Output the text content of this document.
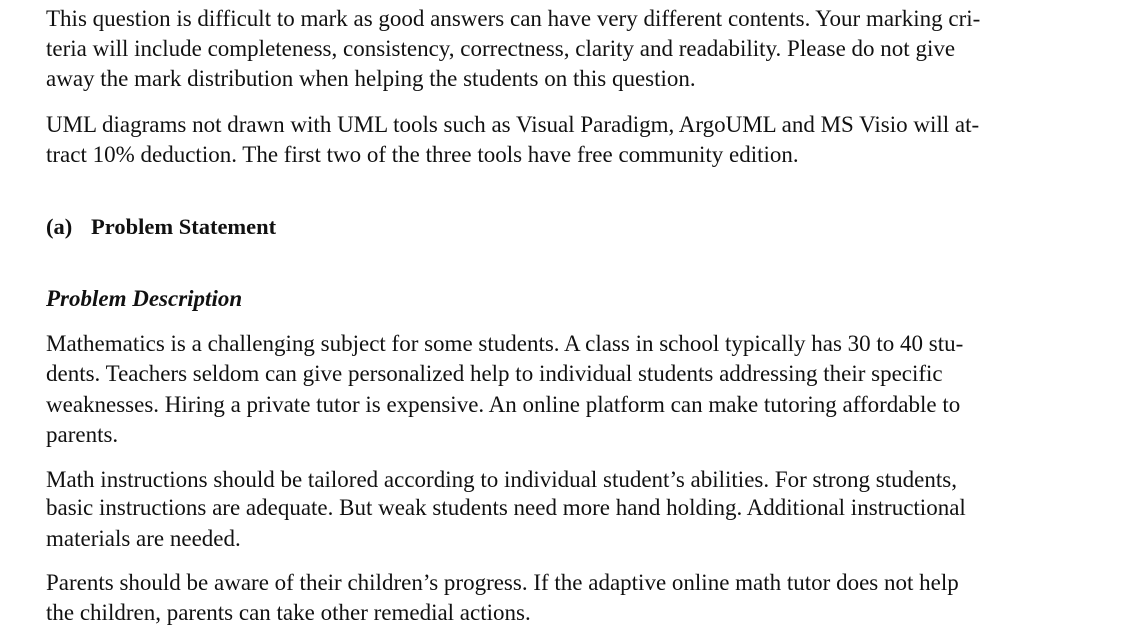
This question is difficult to mark as good answers can have very different contents. Your marking cri-
teria will include completeness, consistency, correctness, clarity and readability. Please do not give
away the mark distribution when helping the students on this question.
UML diagrams not drawn with UML tools such as Visual Paradigm, ArgoUML and MS Visio will at-
tract 10% deduction. The first two of the three tools have free community edition.
(a) Problem Statement
Problem Description
Mathematics is a challenging subject for some students. A class in school typically has 30 to 40 stu-
dents. Teachers seldom can give personalized help to individual students addressing their specific
weaknesses. Hiring a private tutor is expensive. An online platform can make tutoring affordable to
parents.
Math instructions should be tailored according to individual student’s abilities. For strong students,
basic instructions are adequate. But weak students need more hand holding. Additional instructional
materials are needed.
Parents should be aware of their children’s progress. If the adaptive online math tutor does not help
the children, parents can take other remedial actions.
